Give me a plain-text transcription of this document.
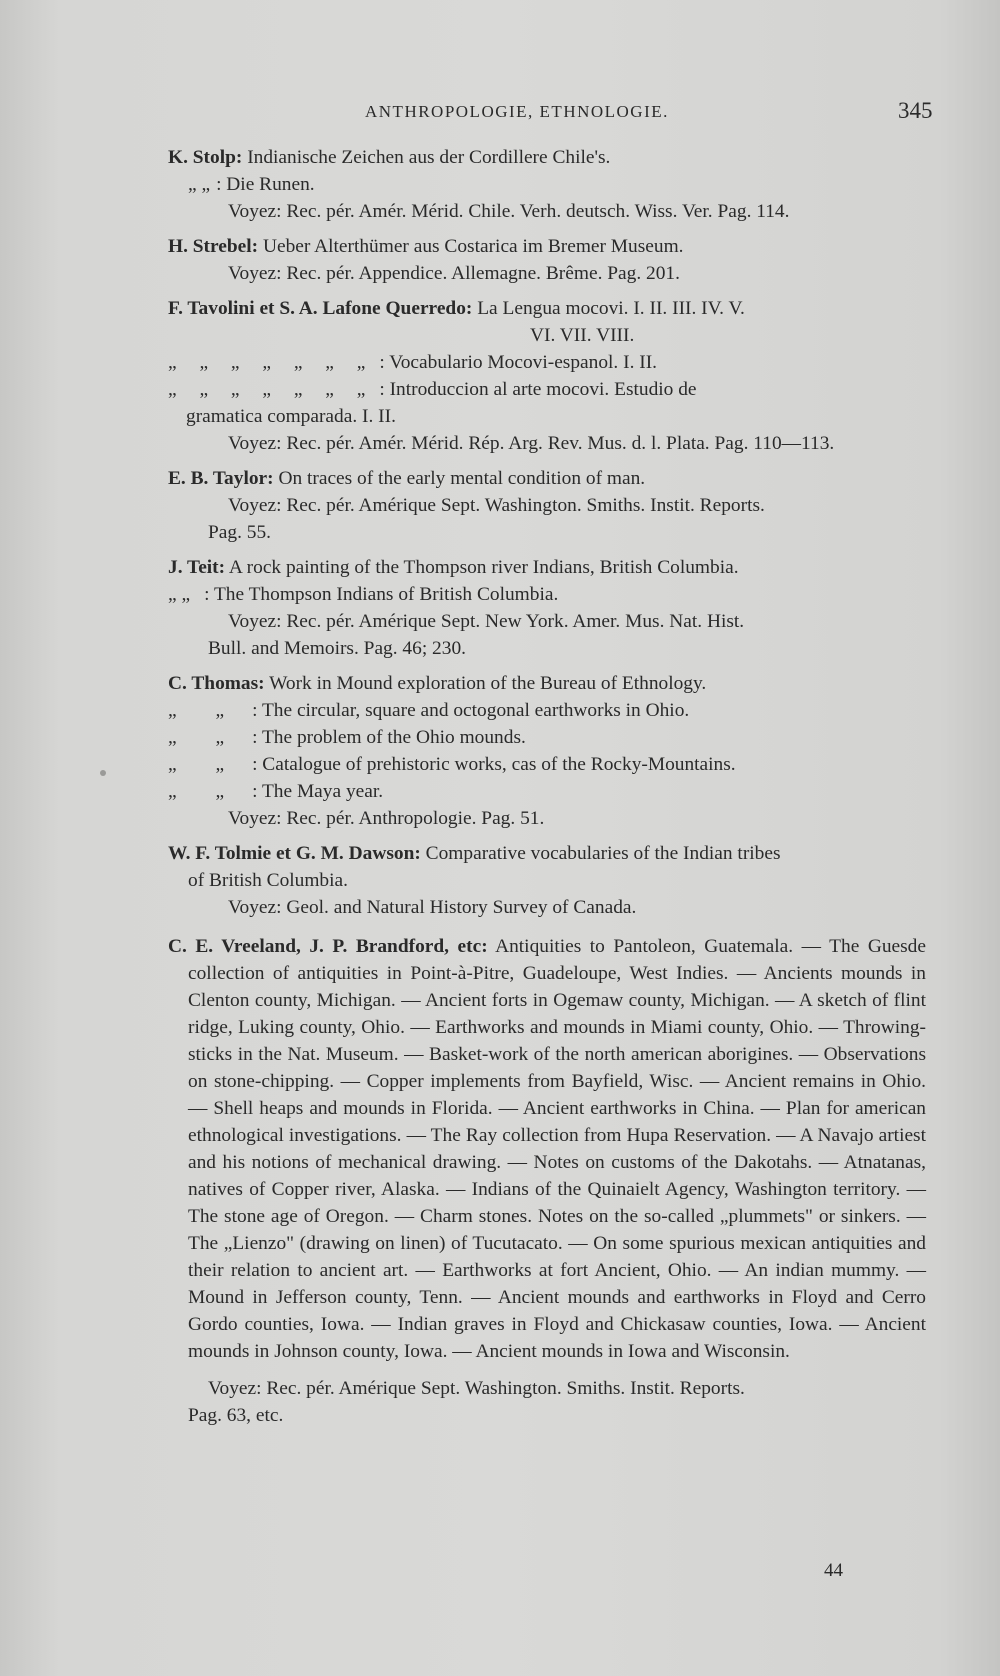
ANTHROPOLOGIE, ETHNOLOGIE.	345
K. Stolp: Indianische Zeichen aus der Cordillere Chile's.
„ „ : Die Runen.
Voyez: Rec. pér. Amér. Mérid. Chile. Verh. deutsch. Wiss. Ver. Pag. 114.
H. Strebel: Ueber Alterthümer aus Costarica im Bremer Museum.
Voyez: Rec. pér. Appendice. Allemagne. Brême. Pag. 201.
F. Tavolini et S. A. Lafone Querredo: La Lengua mocovi. I. II. III. IV. V.
VI. VII. VIII.
„ „ „ „ „ „ „ : Vocabulario Mocovi-espanol. I. II.
„ „ „ „ „ „ „ : Introduccion al arte mocovi. Estudio de
gramatica comparada. I. II.
Voyez: Rec. pér. Amér. Mérid. Rép. Arg. Rev. Mus. d. l. Plata. Pag. 110—113.
E. B. Taylor: On traces of the early mental condition of man.
Voyez: Rec. pér. Amérique Sept. Washington. Smiths. Instit. Reports.
Pag. 55.
J. Teit: A rock painting of the Thompson river Indians, British Columbia.
„ „ : The Thompson Indians of British Columbia.
Voyez: Rec. pér. Amérique Sept. New York. Amer. Mus. Nat. Hist.
Bull. and Memoirs. Pag. 46; 230.
C. Thomas: Work in Mound exploration of the Bureau of Ethnology.
„ „ : The circular, square and octogonal earthworks in Ohio.
„ „ : The problem of the Ohio mounds.
„ „ : Catalogue of prehistoric works, cas of the Rocky-Mountains.
„ „ : The Maya year.
Voyez: Rec. pér. Anthropologie. Pag. 51.
W. F. Tolmie et G. M. Dawson: Comparative vocabularies of the Indian tribes
of British Columbia.
Voyez: Geol. and Natural History Survey of Canada.
C. E. Vreeland, J. P. Brandford, etc: Antiquities to Pantoleon, Guatemala. — The Guesde collection of antiquities in Point-à-Pitre, Guadeloupe, West Indies. — Ancients mounds in Clenton county, Michigan. — Ancient forts in Ogemaw county, Michigan. — A sketch of flint ridge, Luking county, Ohio. — Earthworks and mounds in Miami county, Ohio. — Throwing-sticks in the Nat. Museum. — Basket-work of the north american aborigines. — Observations on stone-chipping. — Copper implements from Bayfield, Wisc. — Ancient remains in Ohio. — Shell heaps and mounds in Florida. — Ancient earthworks in China. — Plan for american ethnological investigations. — The Ray collection from Hupa Reservation. — A Navajo artiest and his notions of mechanical drawing. — Notes on customs of the Dakotahs. — Atnatanas, natives of Copper river, Alaska. — Indians of the Quinaielt Agency, Washington territory. — The stone age of Oregon. — Charm stones. Notes on the so-called „plummets" or sinkers. — The „Lienzo" (drawing on linen) of Tucutacato. — On some spurious mexican antiquities and their relation to ancient art. — Earthworks at fort Ancient, Ohio. — An indian mummy. — Mound in Jefferson county, Tenn. — Ancient mounds and earthworks in Floyd and Cerro Gordo counties, Iowa. — Indian graves in Floyd and Chickasaw counties, Iowa. — Ancient mounds in Johnson county, Iowa. — Ancient mounds in Iowa and Wisconsin.
Voyez: Rec. pér. Amérique Sept. Washington. Smiths. Instit. Reports.
Pag. 63, etc.
44
